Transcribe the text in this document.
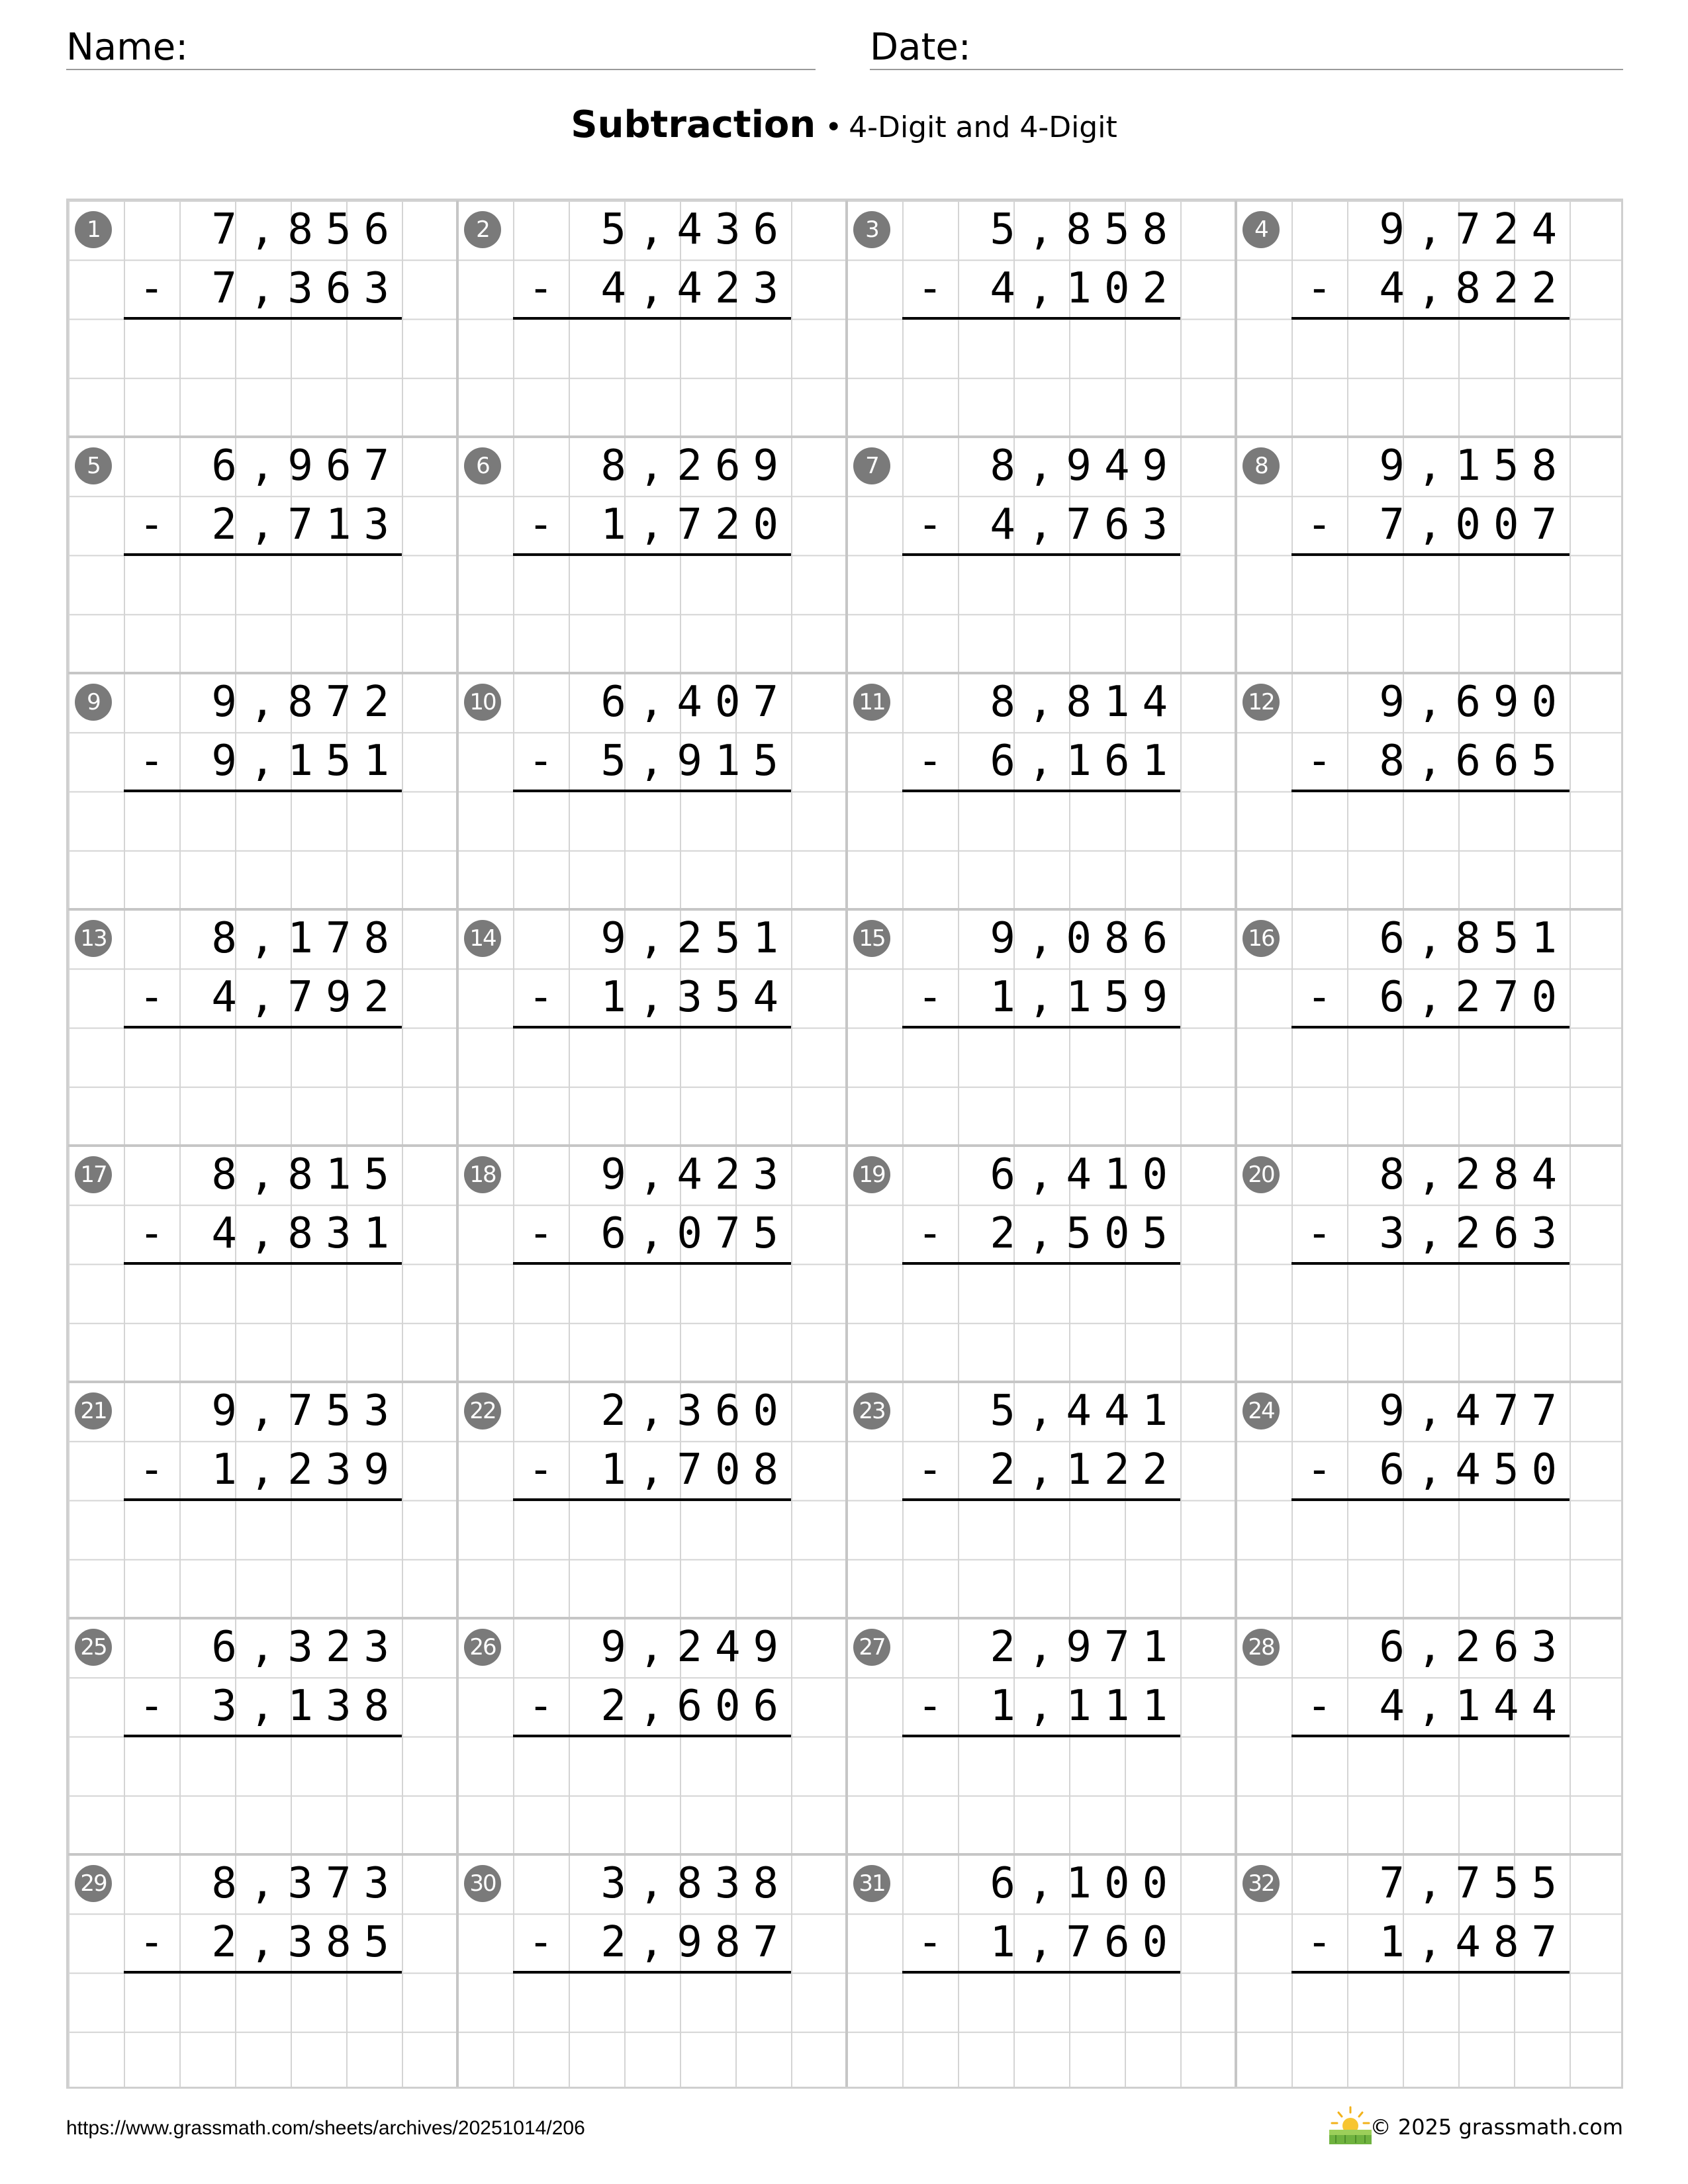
Name:	Date:
Subtraction • 4-Digit and 4-Digit
1	7,856
-	7,363
2	5,436
-	4,423
3	5,858
-	4,102
4	9,724
-	4,822
5	6,967
-	2,713
6	8,269
-	1,720
7	8,949
-	4,763
8	9,158
-	7,007
9	9,872
-	9,151
10	6,407
-	5,915
11	8,814
-	6,161
12	9,690
-	8,665
13	8,178
-	4,792
14	9,251
-	1,354
15	9,086
-	1,159
16	6,851
-	6,270
17	8,815
-	4,831
18	9,423
-	6,075
19	6,410
-	2,505
20	8,284
-	3,263
21	9,753
-	1,239
22	2,360
-	1,708
23	5,441
-	2,122
24	9,477
-	6,450
25	6,323
-	3,138
26	9,249
-	2,606
27	2,971
-	1,111
28	6,263
-	4,144
29	8,373
-	2,385
30	3,838
-	2,987
31	6,100
-	1,760
32	7,755
-	1,487
https://www.grassmath.com/sheets/archives/20251014/206	© 2025 grassmath.com
